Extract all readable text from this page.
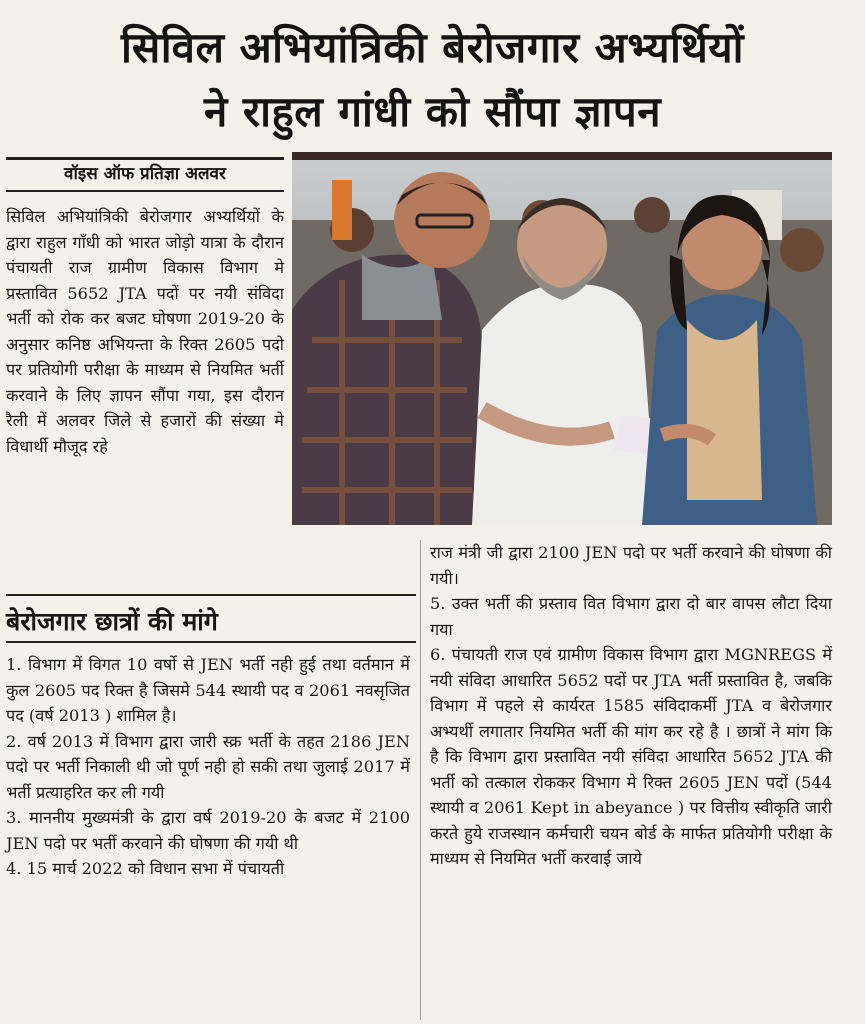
सिविल अभियांत्रिकी बेरोजगार अभ्यर्थियों
ने राहुल गांधी को सौंपा ज्ञापन
वॉइस ऑफ प्रतिज्ञा अलवर

सिविल अभियांत्रिकी बेरोजगार अभ्यर्थियों के द्वारा राहुल गाँधी को भारत जोड़ो यात्रा के दौरान पंचायती राज ग्रामीण विकास विभाग मे प्रस्तावित 5652 JTA पदों पर नयी संविदा भर्ती को रोक कर बजट घोषणा 2019-20 के अनुसार कनिष्ठ अभियन्ता के रिक्त 2605 पदो पर प्रतियोगी परीक्षा के माध्यम से नियमित भर्ती करवाने के लिए ज्ञापन सौंपा गया, इस दौरान रैली में अलवर जिले से हजारों की संख्या मे विधार्थी मौजूद रहे

बेरोजगार छात्रों की मांगे

1. विभाग में विगत 10 वर्षो से JEN भर्ती नही हुई तथा वर्तमान में कुल 2605 पद रिक्त है जिसमे 544 स्थायी पद व 2061 नवसृजित पद (वर्ष 2013 ) शामिल है।

2. वर्ष 2013 में विभाग द्वारा जारी स्क्र भर्ती के तहत 2186 JEN पदो पर भर्ती निकाली थी जो पूर्ण नही हो सकी तथा जुलाई 2017 में भर्ती प्रत्याहरित कर ली गयी

3. माननीय मुख्यमंत्री के द्वारा वर्ष 2019-20 के बजट में 2100 JEN पदो पर भर्ती करवाने की घोषणा की गयी थी

4. 15 मार्च 2022 को विधान सभा में पंचायती

राज मंत्री जी द्वारा 2100 JEN पदो पर भर्ती करवाने की घोषणा की गयी।

5. उक्त भर्ती की प्रस्ताव वित विभाग द्वारा दो बार वापस लौटा दिया गया

6. पंचायती राज एवं ग्रामीण विकास विभाग द्वारा MGNREGS में नयी संविदा आधारित 5652 पदों पर JTA भर्ती प्रस्तावित है, जबकि विभाग में पहले से कार्यरत 1585 संविदाकर्मी JTA व बेरोजगार अभ्यर्थी लगातार नियमित भर्ती की मांग कर रहे है । छात्रों ने मांग कि है कि विभाग द्वारा प्रस्तावित नयी संविदा आधारित 5652 JTA की भर्ती को तत्काल रोककर विभाग मे रिक्त 2605 JEN पदों (544 स्थायी व 2061 Kept in abeyance ) पर वित्तीय स्वीकृति जारी करते हुये राजस्थान कर्मचारी चयन बोर्ड के मार्फत प्रतियोगी परीक्षा के माध्यम से नियमित भर्ती करवाई जाये
